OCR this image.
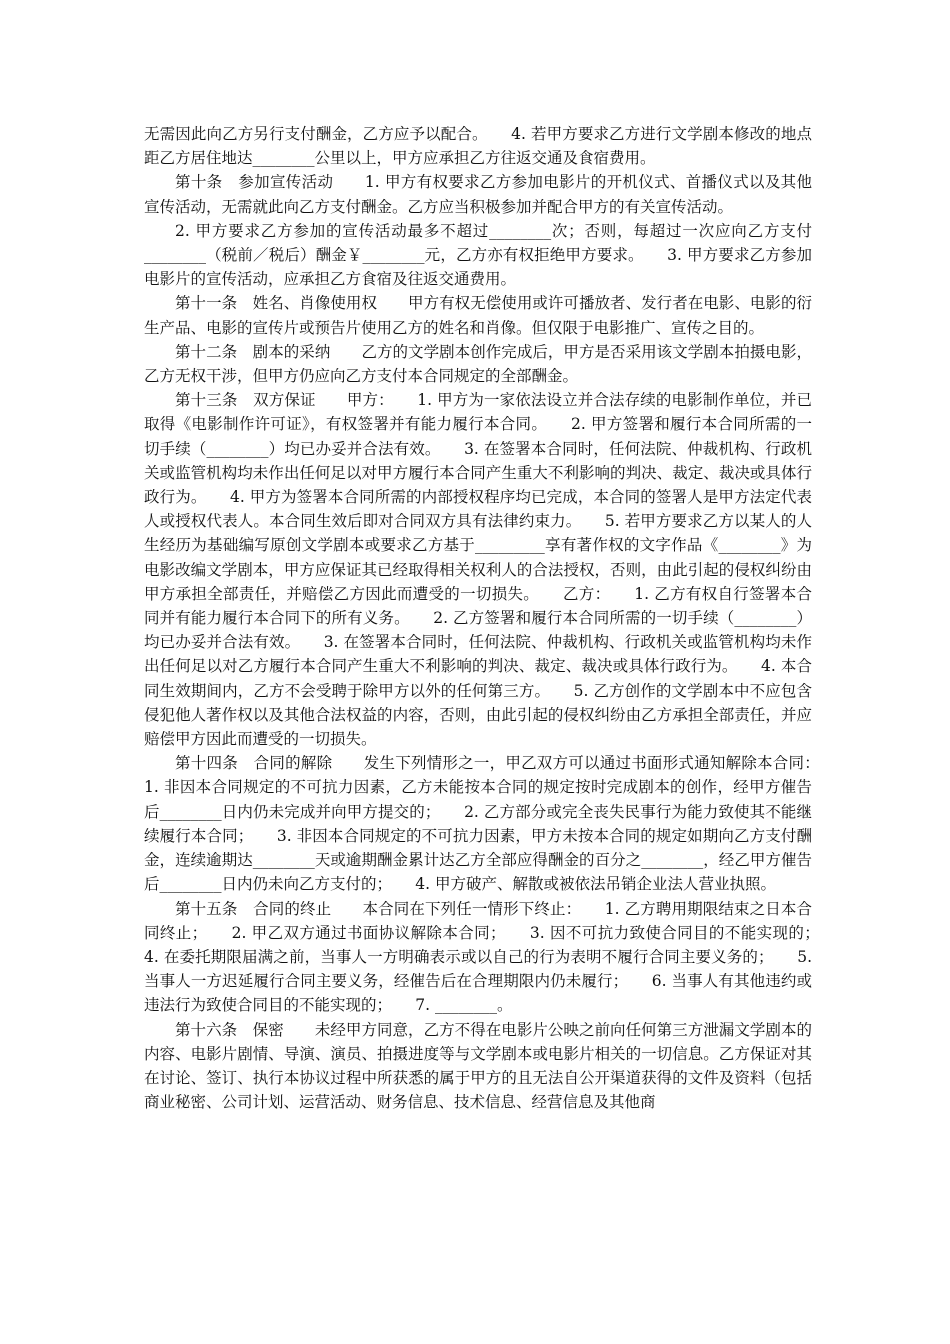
无需因此向乙方另行支付酬金，乙方应予以配合。　　4. 若甲方要求乙方进行文学剧本修改的地点距乙方居住地达________公里以上，甲方应承担乙方往返交通及食宿费用。

第十条　参加宣传活动　　1. 甲方有权要求乙方参加电影片的开机仪式、首播仪式以及其他宣传活动，无需就此向乙方支付酬金。乙方应当积极参加并配合甲方的有关宣传活动。

2. 甲方要求乙方参加的宣传活动最多不超过________次；否则，每超过一次应向乙方支付________（税前／税后）酬金￥________元，乙方亦有权拒绝甲方要求。　　3. 甲方要求乙方参加电影片的宣传活动，应承担乙方食宿及往返交通费用。

第十一条　姓名、肖像使用权　　甲方有权无偿使用或许可播放者、发行者在电影、电影的衍生产品、电影的宣传片或预告片使用乙方的姓名和肖像。但仅限于电影推广、宣传之目的。

第十二条　剧本的采纳　　乙方的文学剧本创作完成后，甲方是否采用该文学剧本拍摄电影，乙方无权干涉，但甲方仍应向乙方支付本合同规定的全部酬金。

第十三条　双方保证　　甲方：　　1. 甲方为一家依法设立并合法存续的电影制作单位，并已取得《电影制作许可证》，有权签署并有能力履行本合同。　　2. 甲方签署和履行本合同所需的一切手续（________）均已办妥并合法有效。　　3. 在签署本合同时，任何法院、仲裁机构、行政机关或监管机构均未作出任何足以对甲方履行本合同产生重大不利影响的判决、裁定、裁决或具体行政行为。　　4. 甲方为签署本合同所需的内部授权程序均已完成，本合同的签署人是甲方法定代表人或授权代表人。本合同生效后即对合同双方具有法律约束力。　　5. 若甲方要求乙方以某人的人生经历为基础编写原创文学剧本或要求乙方基于_________享有著作权的文字作品《________》为电影改编文学剧本，甲方应保证其已经取得相关权利人的合法授权，否则，由此引起的侵权纠纷由甲方承担全部责任，并赔偿乙方因此而遭受的一切损失。　　乙方：　　1. 乙方有权自行签署本合同并有能力履行本合同下的所有义务。　　2. 乙方签署和履行本合同所需的一切手续（________）均已办妥并合法有效。　　3. 在签署本合同时，任何法院、仲裁机构、行政机关或监管机构均未作出任何足以对乙方履行本合同产生重大不利影响的判决、裁定、裁决或具体行政行为。　　4. 本合同生效期间内，乙方不会受聘于除甲方以外的任何第三方。　　5. 乙方创作的文学剧本中不应包含侵犯他人著作权以及其他合法权益的内容，否则，由此引起的侵权纠纷由乙方承担全部责任，并应赔偿甲方因此而遭受的一切损失。

第十四条　合同的解除　　发生下列情形之一，甲乙双方可以通过书面形式通知解除本合同：　　1. 非因本合同规定的不可抗力因素，乙方未能按本合同的规定按时完成剧本的创作，经甲方催告后________日内仍未完成并向甲方提交的；　　2. 乙方部分或完全丧失民事行为能力致使其不能继续履行本合同；　　3. 非因本合同规定的不可抗力因素，甲方未按本合同的规定如期向乙方支付酬金，连续逾期达________天或逾期酬金累计达乙方全部应得酬金的百分之________，经乙甲方催告后________日内仍未向乙方支付的；　　4. 甲方破产、解散或被依法吊销企业法人营业执照。

第十五条　合同的终止　　本合同在下列任一情形下终止：　　1. 乙方聘用期限结束之日本合同终止；　　2. 甲乙双方通过书面协议解除本合同；　　3. 因不可抗力致使合同目的不能实现的；　　4. 在委托期限届满之前，当事人一方明确表示或以自己的行为表明不履行合同主要义务的；　　5. 当事人一方迟延履行合同主要义务，经催告后在合理期限内仍未履行；　　6. 当事人有其他违约或违法行为致使合同目的不能实现的；　　7. ________。

第十六条　保密　　未经甲方同意，乙方不得在电影片公映之前向任何第三方泄漏文学剧本的内容、电影片剧情、导演、演员、拍摄进度等与文学剧本或电影片相关的一切信息。乙方保证对其在讨论、签订、执行本协议过程中所获悉的属于甲方的且无法自公开渠道获得的文件及资料（包括商业秘密、公司计划、运营活动、财务信息、技术信息、经营信息及其他商
